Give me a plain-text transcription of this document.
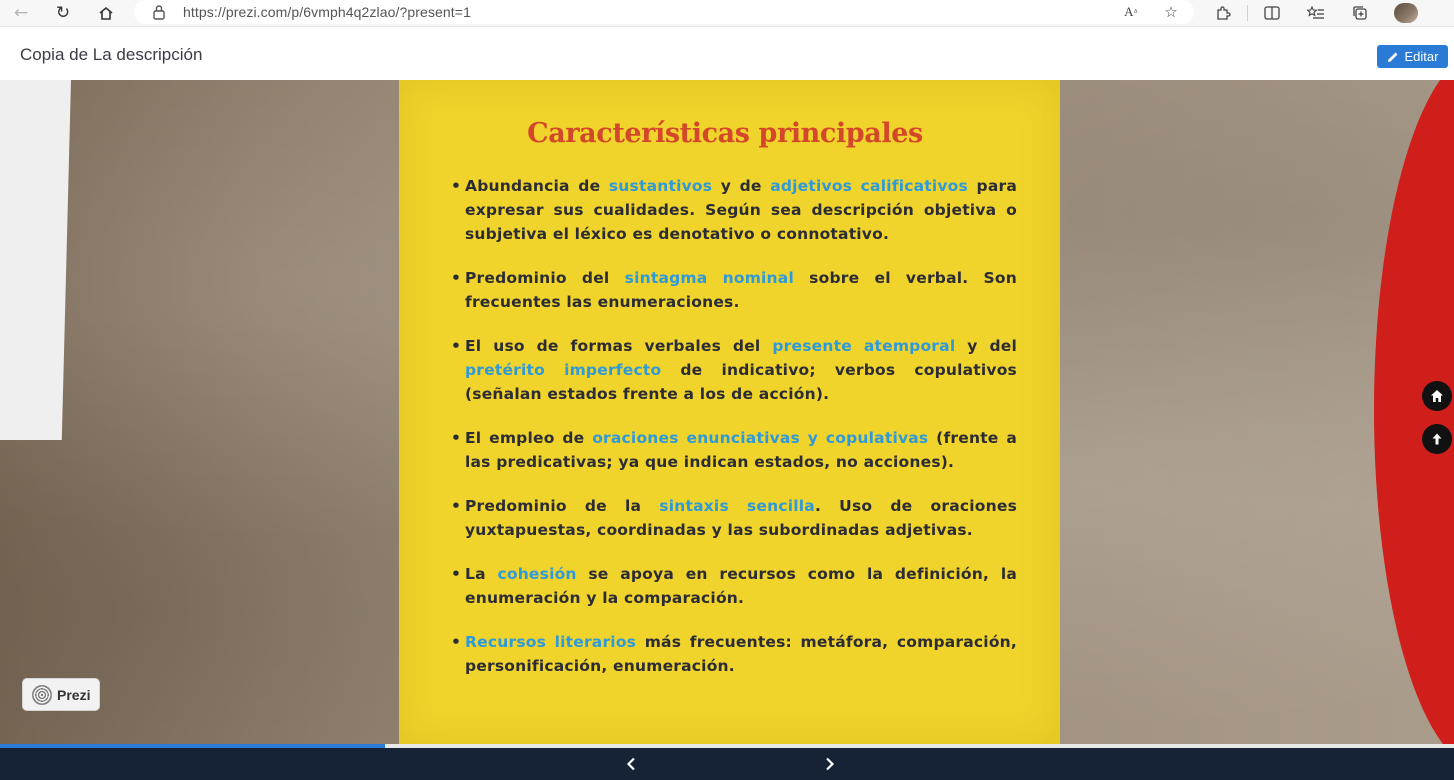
←	↻	https://prezi.com/p/6vmph4q2zlao/?present=1	A ᐞ	☆
Copia de La descripción	Editar
Características principales
• Abundancia de sustantivos y de adjetivos calificativos para expresar sus cualidades. Según sea descripción objetiva o subjetiva el léxico es denotativo o connotativo.
• Predominio del sintagma nominal sobre el verbal. Son frecuentes las enumeraciones.
• El uso de formas verbales del presente atemporal y del pretérito imperfecto de indicativo; verbos copulativos (señalan estados frente a los de acción).
• El empleo de oraciones enunciativas y copulativas (frente a las predicativas; ya que indican estados, no acciones).
• Predominio de la sintaxis sencilla. Uso de oraciones yuxtapuestas, coordinadas y las subordinadas adjetivas.
• La cohesión se apoya en recursos como la definición, la enumeración y la comparación.
• Recursos literarios más frecuentes: metáfora, comparación, personificación, enumeración.
Prezi
